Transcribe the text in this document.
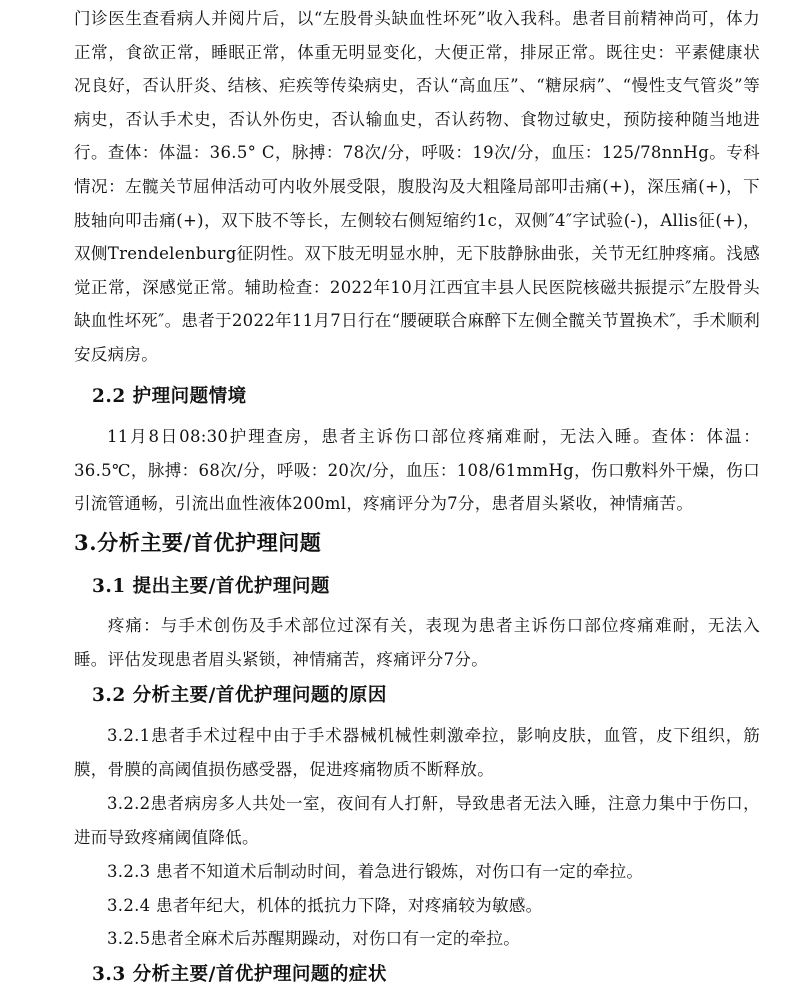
门诊医生查看病人并阅片后，以“左股骨头缺血性坏死”收入我科。患者目前精神尚可，体力正常，食欲正常，睡眠正常，体重无明显变化，大便正常，排尿正常。既往史：平素健康状况良好，否认肝炎、结核、疟疾等传染病史，否认“高血压”、“糖尿病”、“慢性支气管炎”等病史，否认手术史，否认外伤史，否认输血史，否认药物、食物过敏史，预防接种随当地进行。查体：体温：36.5° C，脉搏：78次/分，呼吸：19次/分，血压：125/78nnHg。专科情况：左髋关节屈伸活动可内收外展受限，腹股沟及大粗隆局部叩击痛(+)，深压痛(+)，下肢轴向叩击痛(+)，双下肢不等长，左侧较右侧短缩约1c，双侧″4″字试验(-)，Allis征(+)，双侧Trendelenburg征阴性。双下肢无明显水肿，无下肢静脉曲张，关节无红肿疼痛。浅感觉正常，深感觉正常。辅助检查：2022年10月江西宜丰县人民医院核磁共振提示″左股骨头缺血性坏死″。患者于2022年11月7日行在“腰硬联合麻醉下左侧全髋关节置换术″，手术顺利安反病房。
2.2 护理问题情境
11月8日08:30护理查房，患者主诉伤口部位疼痛难耐，无法入睡。查体：体温：36.5℃，脉搏：68次/分，呼吸：20次/分，血压：108/61mmHg，伤口敷料外干燥，伤口引流管通畅，引流出血性液体200ml，疼痛评分为7分，患者眉头紧收，神情痛苦。
3.分析主要/首优护理问题
3.1 提出主要/首优护理问题
疼痛：与手术创伤及手术部位过深有关，表现为患者主诉伤口部位疼痛难耐，无法入睡。评估发现患者眉头紧锁，神情痛苦，疼痛评分7分。
3.2 分析主要/首优护理问题的原因
3.2.1患者手术过程中由于手术器械机械性刺激牵拉，影响皮肤，血管，皮下组织，筋膜，骨膜的高阈值损伤感受器，促进疼痛物质不断释放。
3.2.2患者病房多人共处一室，夜间有人打鼾，导致患者无法入睡，注意力集中于伤口，进而导致疼痛阈值降低。
3.2.3 患者不知道术后制动时间，着急进行锻炼，对伤口有一定的牵拉。
3.2.4 患者年纪大，机体的抵抗力下降，对疼痛较为敏感。
3.2.5患者全麻术后苏醒期躁动，对伤口有一定的牵拉。
3.3 分析主要/首优护理问题的症状
